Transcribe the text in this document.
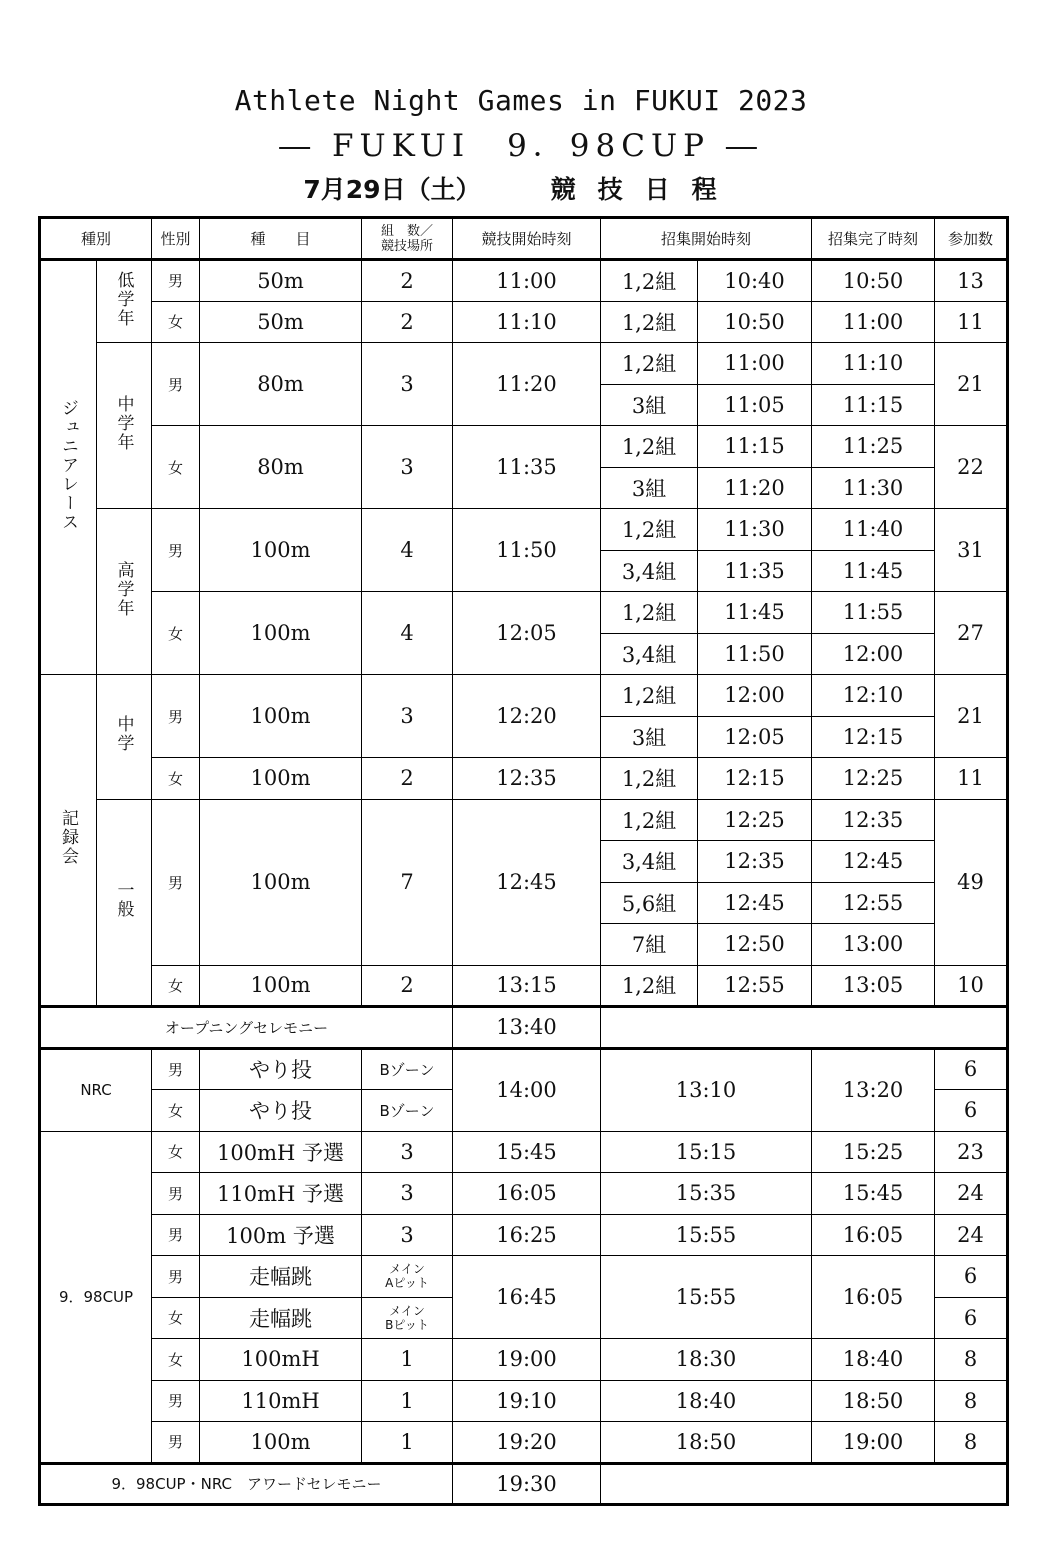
Athlete Night Games in FUKUI 2023
― FUKUI　9．98CUP ―
7月29日（土）	競技日程
種別		性別	種　　目	組　数／
競技場所	競技開始時刻	招集開始時刻		招集完了時刻	参加数
ジュニアレース	低学年	男	50m	2	11:00	1,2組	10:40	10:50	13
		女	50m	2	11:10	1,2組	10:50	11:00	11
	中学年	男	80m	3	11:20	1,2組	11:00	11:10	21
						3組	11:05	11:15	
		女	80m	3	11:35	1,2組	11:15	11:25	22
						3組	11:20	11:30	
	高学年	男	100m	4	11:50	1,2組	11:30	11:40	31
						3,4組	11:35	11:45	
		女	100m	4	12:05	1,2組	11:45	11:55	27
						3,4組	11:50	12:00	
記録会	中学	男	100m	3	12:20	1,2組	12:00	12:10	21
						3組	12:05	12:15	
		女	100m	2	12:35	1,2組	12:15	12:25	11
	一般	男	100m	7	12:45	1,2組	12:25	12:35	49
						3,4組	12:35	12:45	
						5,6組	12:45	12:55	
						7組	12:50	13:00	
		女	100m	2	13:15	1,2組	12:55	13:05	10
オープニングセレモニー					13:40				
NRC		男	やり投	Bゾーン	14:00	13:10		13:20	6
		女	やり投	Bゾーン					6
9．98CUP		女	100mH 予選	3	15:45	15:15		15:25	23
		男	110mH 予選	3	16:05	15:35		15:45	24
		男	100m 予選	3	16:25	15:55		16:05	24
		男	走幅跳	メイン
Aピット	16:45	15:55		16:05	6
		女	走幅跳	メイン
Bピット					6
		女	100mH	1	19:00	18:30		18:40	8
		男	110mH	1	19:10	18:40		18:50	8
		男	100m	1	19:20	18:50		19:00	8
9．98CUP・NRC　アワードセレモニー					19:30				
